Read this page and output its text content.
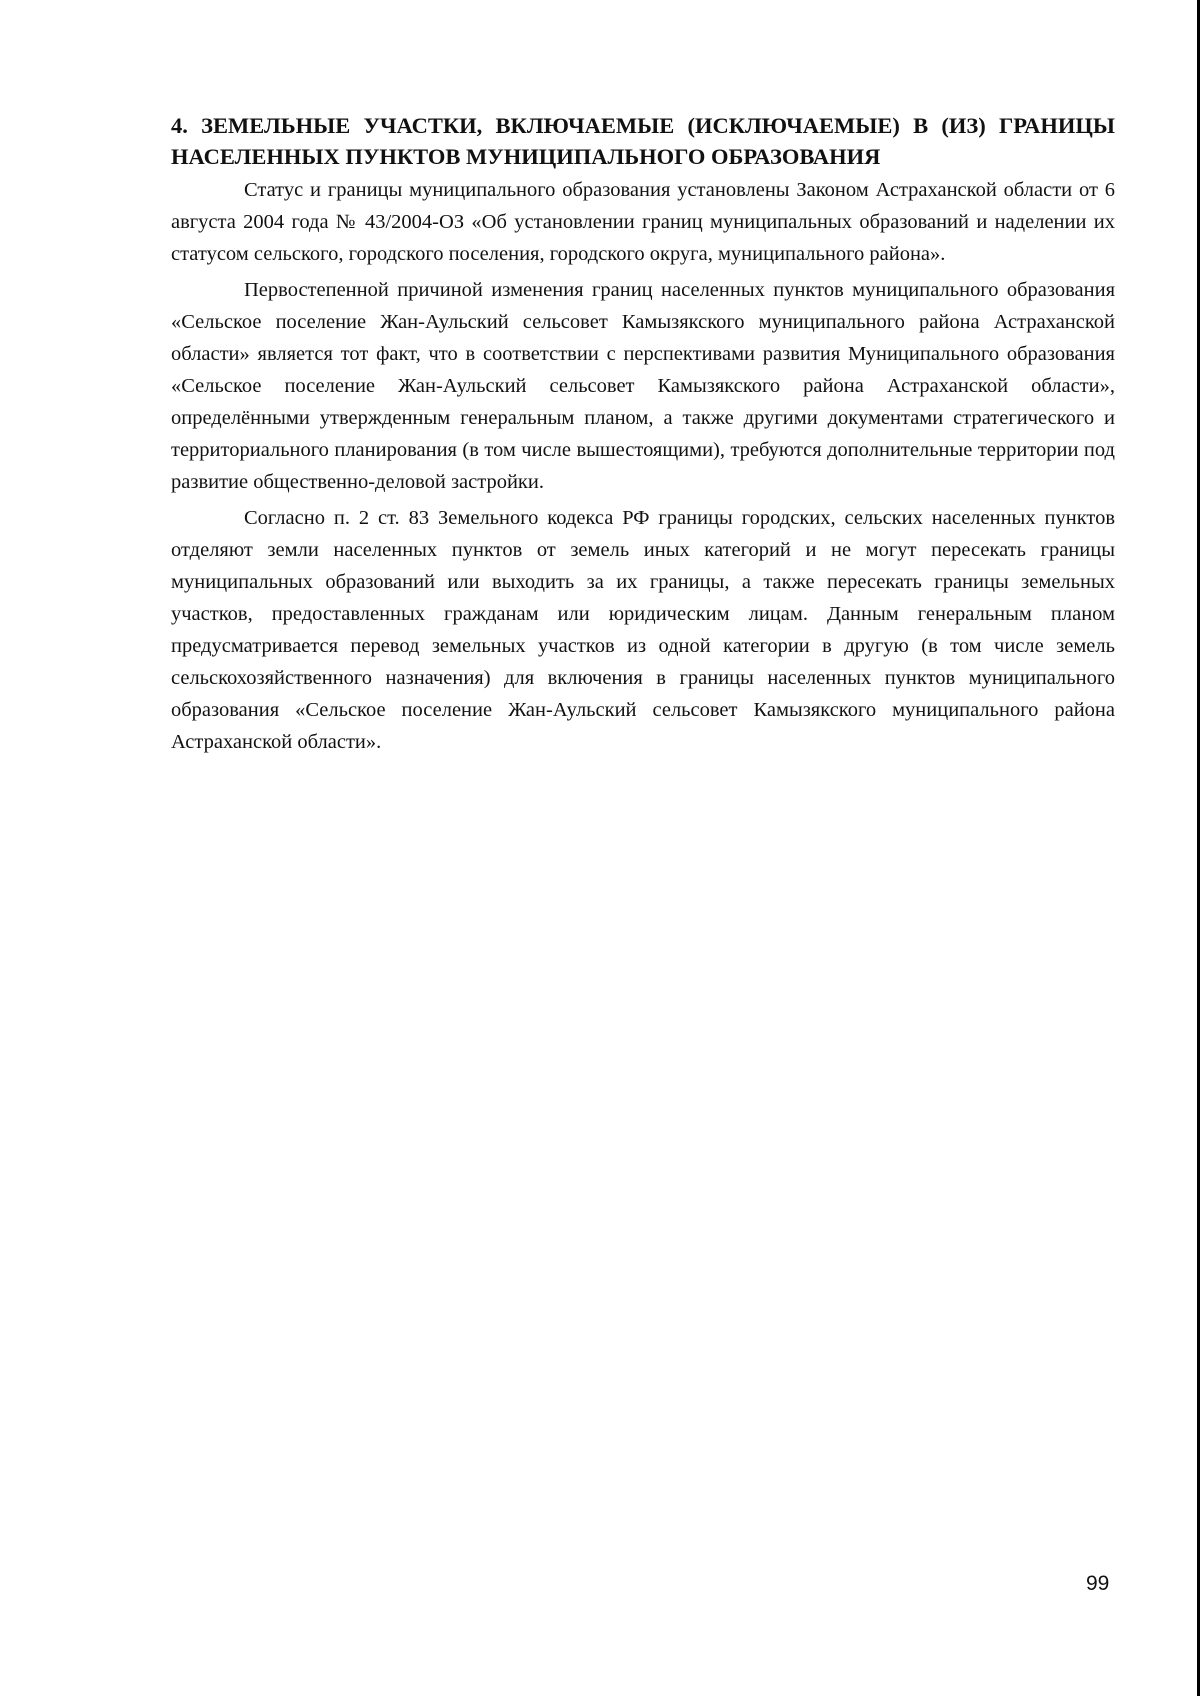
4. ЗЕМЕЛЬНЫЕ УЧАСТКИ, ВКЛЮЧАЕМЫЕ (ИСКЛЮЧАЕМЫЕ) В (ИЗ) ГРАНИЦЫ НАСЕЛЕННЫХ ПУНКТОВ МУНИЦИПАЛЬНОГО ОБРАЗОВАНИЯ

Статус и границы муниципального образования установлены Законом Астраханской области от 6 августа 2004 года № 43/2004-ОЗ «Об установлении границ муниципальных образований и наделении их статусом сельского, городского поселения, городского округа, муниципального района».

Первостепенной причиной изменения границ населенных пунктов муниципального образования «Сельское поселение Жан-Аульский сельсовет Камызякского муниципального района Астраханской области» является тот факт, что в соответствии с перспективами развития Муниципального образования «Сельское поселение Жан-Аульский сельсовет Камызякского района Астраханской области», определёнными утвержденным генеральным планом, а также другими документами стратегического и территориального планирования (в том числе вышестоящими), требуются дополнительные территории под развитие общественно-деловой застройки.

Согласно п. 2 ст. 83 Земельного кодекса РФ границы городских, сельских населенных пунктов отделяют земли населенных пунктов от земель иных категорий и не могут пересекать границы муниципальных образований или выходить за их границы, а также пересекать границы земельных участков, предоставленных гражданам или юридическим лицам. Данным генеральным планом предусматривается перевод земельных участков из одной категории в другую (в том числе земель сельскохозяйственного назначения) для включения в границы населенных пунктов муниципального образования «Сельское поселение Жан-Аульский сельсовет Камызякского муниципального района Астраханской области».

99
